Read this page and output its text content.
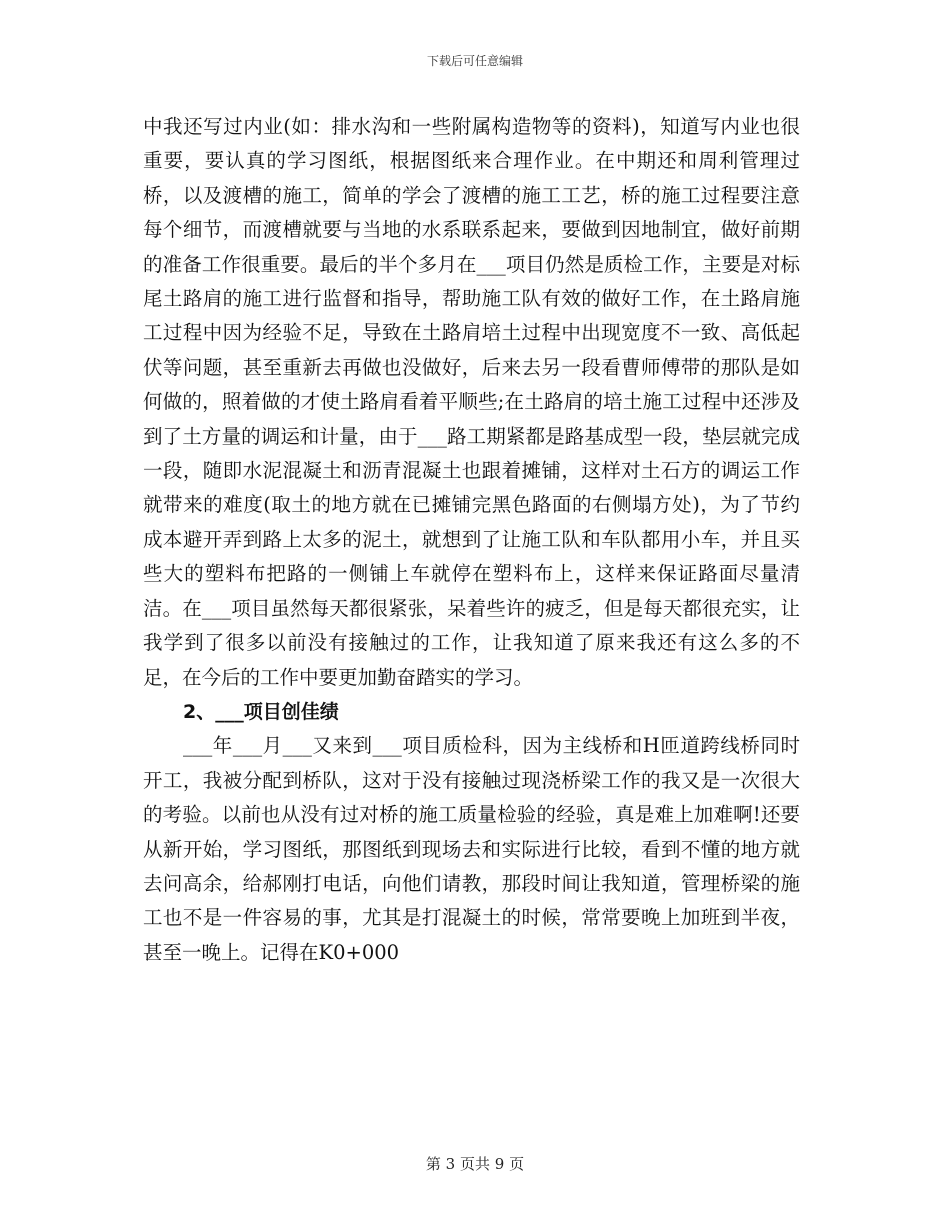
下载后可任意编辑

中我还写过内业(如：排水沟和一些附属构造物等的资料)，知道写内业也很重要，要认真的学习图纸，根据图纸来合理作业。在中期还和周利管理过桥，以及渡槽的施工，简单的学会了渡槽的施工工艺，桥的施工过程要注意每个细节，而渡槽就要与当地的水系联系起来，要做到因地制宜，做好前期的准备工作很重要。最后的半个多月在___项目仍然是质检工作，主要是对标尾土路肩的施工进行监督和指导，帮助施工队有效的做好工作，在土路肩施工过程中因为经验不足，导致在土路肩培土过程中出现宽度不一致、高低起伏等问题，甚至重新去再做也没做好，后来去另一段看曹师傅带的那队是如何做的，照着做的才使土路肩看着平顺些;在土路肩的培土施工过程中还涉及到了土方量的调运和计量，由于___路工期紧都是路基成型一段，垫层就完成一段，随即水泥混凝土和沥青混凝土也跟着摊铺，这样对土石方的调运工作就带来的难度(取土的地方就在已摊铺完黑色路面的右侧塌方处)，为了节约成本避开弄到路上太多的泥土，就想到了让施工队和车队都用小车，并且买些大的塑料布把路的一侧铺上车就停在塑料布上，这样来保证路面尽量清洁。在___项目虽然每天都很紧张，呆着些许的疲乏，但是每天都很充实，让我学到了很多以前没有接触过的工作，让我知道了原来我还有这么多的不足，在今后的工作中要更加勤奋踏实的学习。

2、___项目创佳绩

___年___月___又来到___项目质检科，因为主线桥和H匝道跨线桥同时开工，我被分配到桥队，这对于没有接触过现浇桥梁工作的我又是一次很大的考验。以前也从没有过对桥的施工质量检验的经验，真是难上加难啊!还要从新开始，学习图纸，那图纸到现场去和实际进行比较，看到不懂的地方就去问高余，给郝刚打电话，向他们请教，那段时间让我知道，管理桥梁的施工也不是一件容易的事，尤其是打混凝土的时候，常常要晚上加班到半夜，甚至一晚上。记得在K0+000

第 3 页共 9 页
